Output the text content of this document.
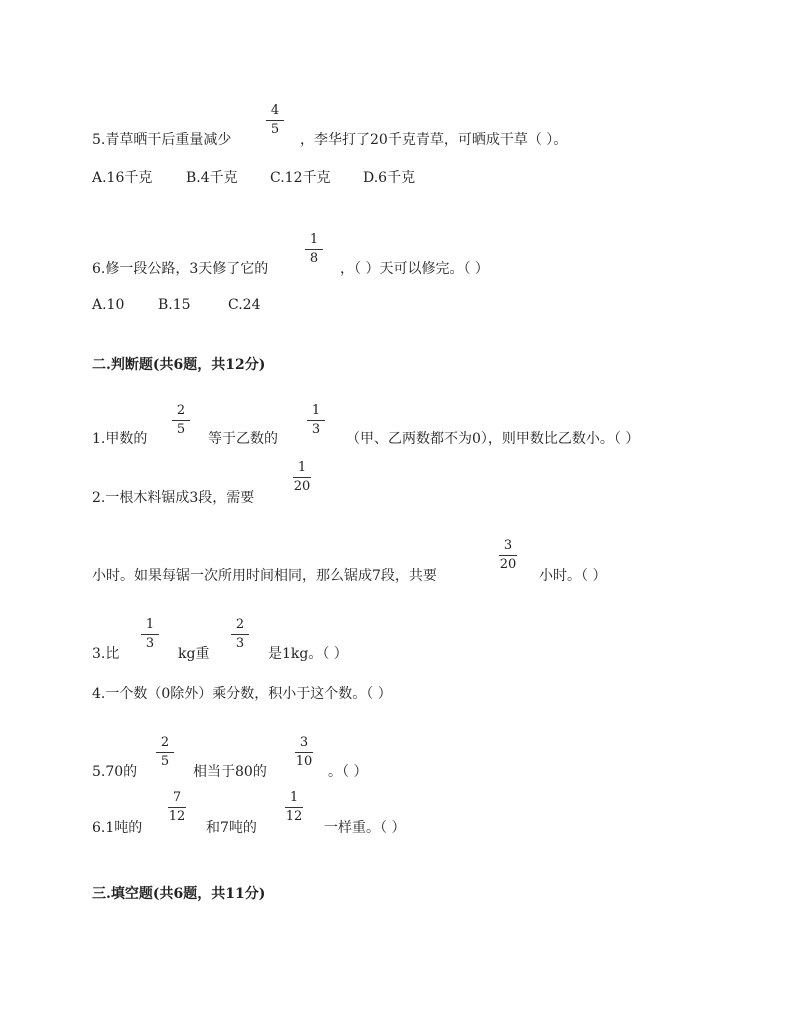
5.青草晒干后重量减少
4
5
，李华打了20千克青草，可晒成干草（ ）。
A.16千克 B.4千克 C.12千克 D.6千克
6.修一段公路，3天修了它的
1
8
，（ ）天可以修完。（ ）
A.10 B.15	C.24
二.判断题(共6题，共12分)
1.甲数的
2
5
等于乙数的
1
3
（甲、乙两数都不为0），则甲数比乙数小。（ ）
2.一根木料锯成3段，需要
1
20
小时。如果每锯一次所用时间相同，那么锯成7段，共要
3
20
小时。（ ）
3.比
1
3
kg重
2
3
是1kg。（ ）
4.一个数（0除外）乘分数，积小于这个数。（ ）
5.70的
2
5
相当于80的
3
10
。（ ）
6.1吨的
7
12
和7吨的
1
12
一样重。（ ）
三.填空题(共6题，共11分)
